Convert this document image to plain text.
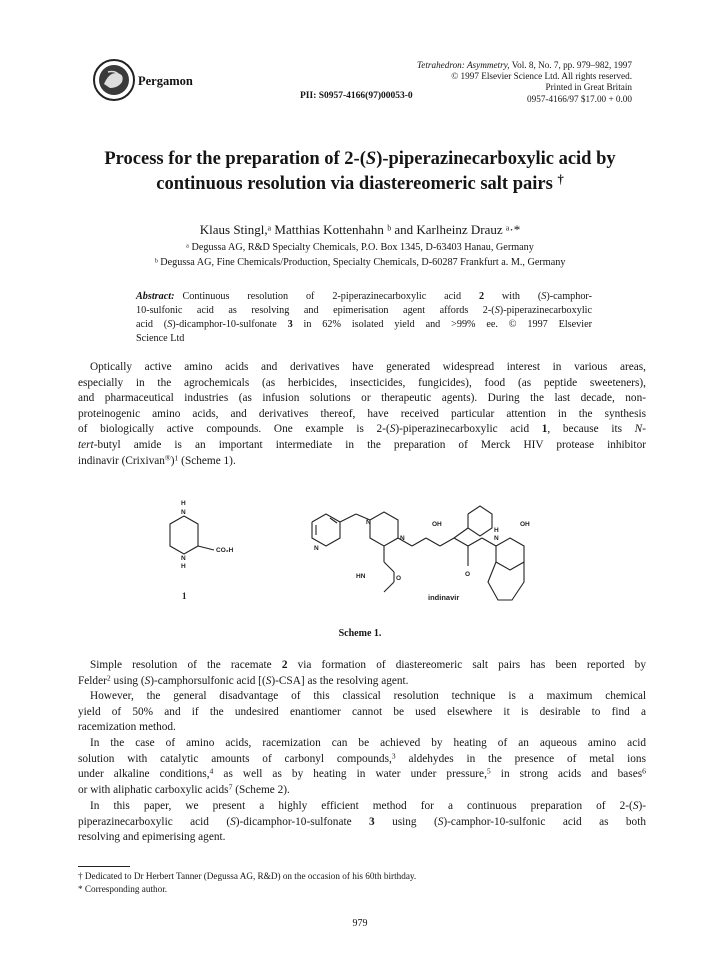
Pergamon
Tetrahedron: Asymmetry, Vol. 8, No. 7, pp. 979–982, 1997
© 1997 Elsevier Science Ltd. All rights reserved.
Printed in Great Britain
0957-4166/97 $17.00 + 0.00
PII: S0957-4166(97)00053-0
Process for the preparation of 2-(S)-piperazinecarboxylic acid by
continuous resolution via diastereomeric salt pairs †
Klaus Stingl,ᵃ Matthias Kottenhahn ᵇ and Karlheinz Drauz ᵃ·*
ᵃ Degussa AG, R&D Specialty Chemicals, P.O. Box 1345, D-63403 Hanau, Germany
ᵇ Degussa AG, Fine Chemicals/Production, Specialty Chemicals, D-60287 Frankfurt a. M., Germany
Abstract: Continuous resolution of 2-piperazinecarboxylic acid 2 with (S)-camphor-
10-sulfonic acid as resolving and epimerisation agent affords 2-(S)-piperazinecarboxylic
acid (S)-dicamphor-10-sulfonate 3 in 62% isolated yield and >99% ee. © 1997 Elsevier
Science Ltd
Optically active amino acids and derivatives have generated widespread interest in various areas,
especially in the agrochemicals (as herbicides, insecticides, fungicides), food (as peptide sweeteners),
and pharmaceutical industries (as infusion solutions or therapeutic agents). During the last decade, non-
proteinogenic amino acids, and derivatives thereof, have received particular attention in the synthesis
of biologically active compounds. One example is 2-(S)-piperazinecarboxylic acid 1, because its N-
tert-butyl amide is an important intermediate in the preparation of Merck HIV protease inhibitor
indinavir (Crixivan®)$^1$ (Scheme 1).
H
N
N
H
CO₂H
1
N
N
N
OH	OH
H
N
HN	O
O
indinavir
Scheme 1.
Simple resolution of the racemate 2 via formation of diastereomeric salt pairs has been reported by
Felder$^2$ using (S)-camphorsulfonic acid [(S)-CSA] as the resolving agent.
However, the general disadvantage of this classical resolution technique is a maximum chemical
yield of 50% and if the undesired enantiomer cannot be used elsewhere it is desirable to find a
racemization method.
In the case of amino acids, racemization can be achieved by heating of an aqueous amino acid
solution with catalytic amounts of carbonyl compounds,$^3$ aldehydes in the presence of metal ions
under alkaline conditions,$^4$ as well as by heating in water under pressure,$^5$ in strong acids and bases$^6$
or with aliphatic carboxylic acids$^7$ (Scheme 2).
In this paper, we present a highly efficient method for a continuous preparation of 2-(S)-
piperazinecarboxylic acid (S)-dicamphor-10-sulfonate 3 using (S)-camphor-10-sulfonic acid as both
resolving and epimerising agent.
† Dedicated to Dr Herbert Tanner (Degussa AG, R&D) on the occasion of his 60th birthday.
* Corresponding author.
979
